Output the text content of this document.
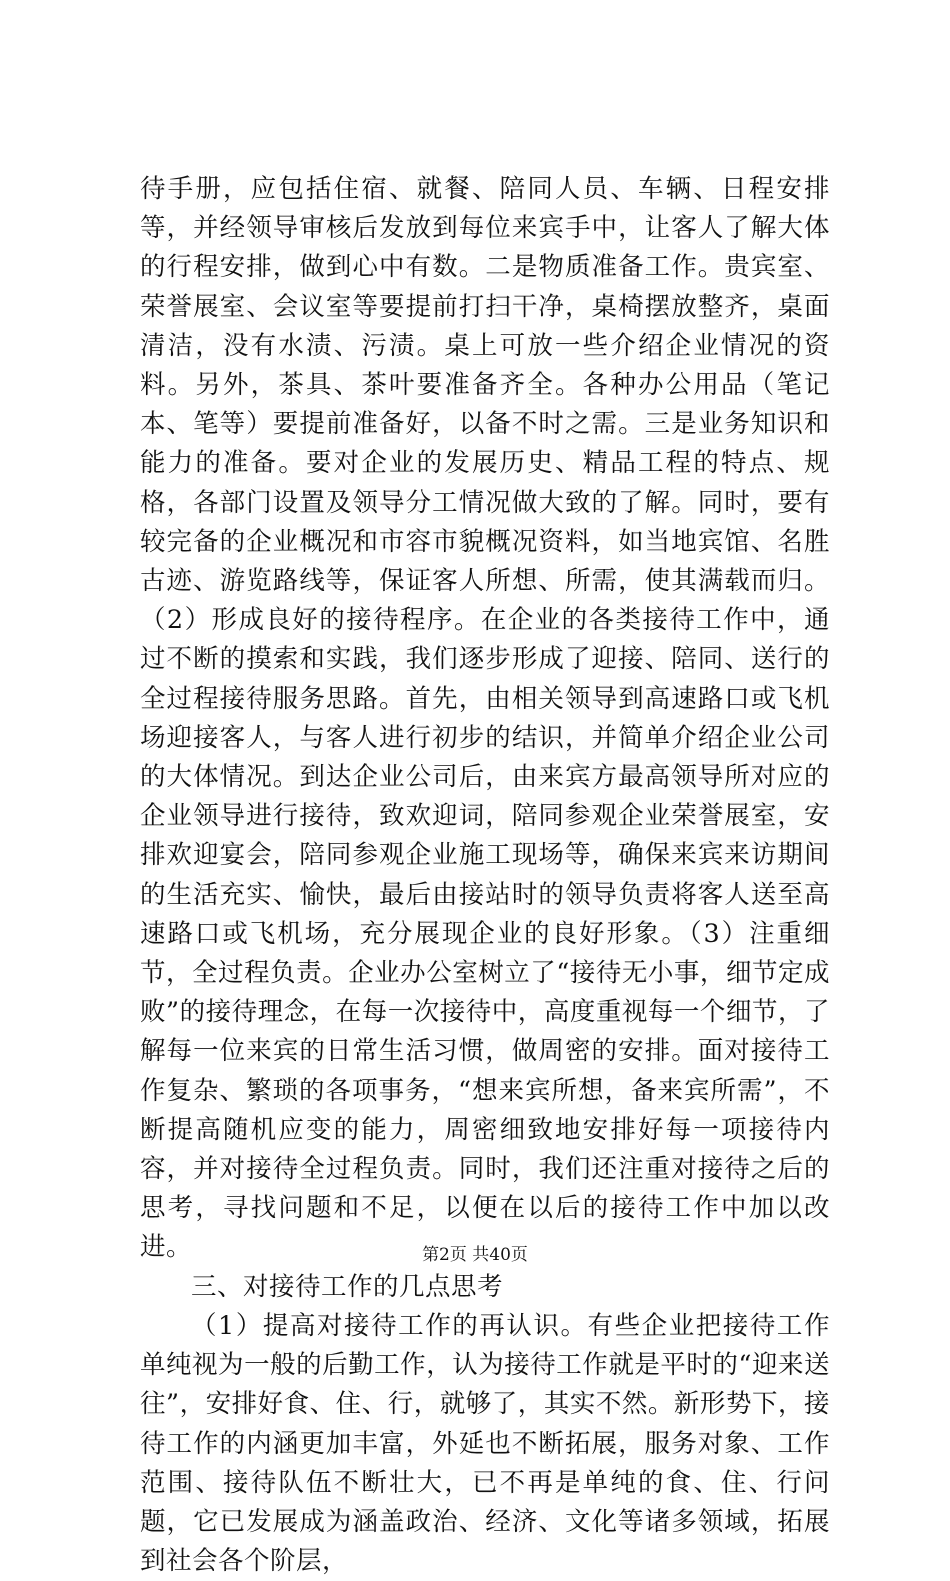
待手册，应包括住宿、就餐、陪同人员、车辆、日程安排等，并经领导审核后发放到每位来宾手中，让客人了解大体的行程安排，做到心中有数。二是物质准备工作。贵宾室、荣誉展室、会议室等要提前打扫干净，桌椅摆放整齐，桌面清洁，没有水渍、污渍。桌上可放一些介绍企业情况的资料。另外，茶具、茶叶要准备齐全。各种办公用品（笔记本、笔等）要提前准备好，以备不时之需。三是业务知识和能力的准备。要对企业的发展历史、精品工程的特点、规格，各部门设置及领导分工情况做大致的了解。同时，要有较完备的企业概况和市容市貌概况资料，如当地宾馆、名胜古迹、游览路线等，保证客人所想、所需，使其满载而归。（2）形成良好的接待程序。在企业的各类接待工作中，通过不断的摸索和实践，我们逐步形成了迎接、陪同、送行的全过程接待服务思路。首先，由相关领导到高速路口或飞机场迎接客人，与客人进行初步的结识，并简单介绍企业公司的大体情况。到达企业公司后，由来宾方最高领导所对应的企业领导进行接待，致欢迎词，陪同参观企业荣誉展室，安排欢迎宴会，陪同参观企业施工现场等，确保来宾来访期间的生活充实、愉快，最后由接站时的领导负责将客人送至高速路口或飞机场，充分展现企业的良好形象。（3）注重细节，全过程负责。企业办公室树立了“接待无小事，细节定成败”的接待理念，在每一次接待中，高度重视每一个细节，了解每一位来宾的日常生活习惯，做周密的安排。面对接待工作复杂、繁琐的各项事务，“想来宾所想，备来宾所需”，不断提高随机应变的能力，周密细致地安排好每一项接待内容，并对接待全过程负责。同时，我们还注重对接待之后的思考，寻找问题和不足，以便在以后的接待工作中加以改进。

三、对接待工作的几点思考

（1）提高对接待工作的再认识。有些企业把接待工作单纯视为一般的后勤工作，认为接待工作就是平时的“迎来送往”，安排好食、住、行，就够了，其实不然。新形势下，接待工作的内涵更加丰富，外延也不断拓展，服务对象、工作范围、接待队伍不断壮大，已不再是单纯的食、住、行问题，它已发展成为涵盖政治、经济、文化等诸多领域，拓展到社会各个阶层，

第2页 共40页
